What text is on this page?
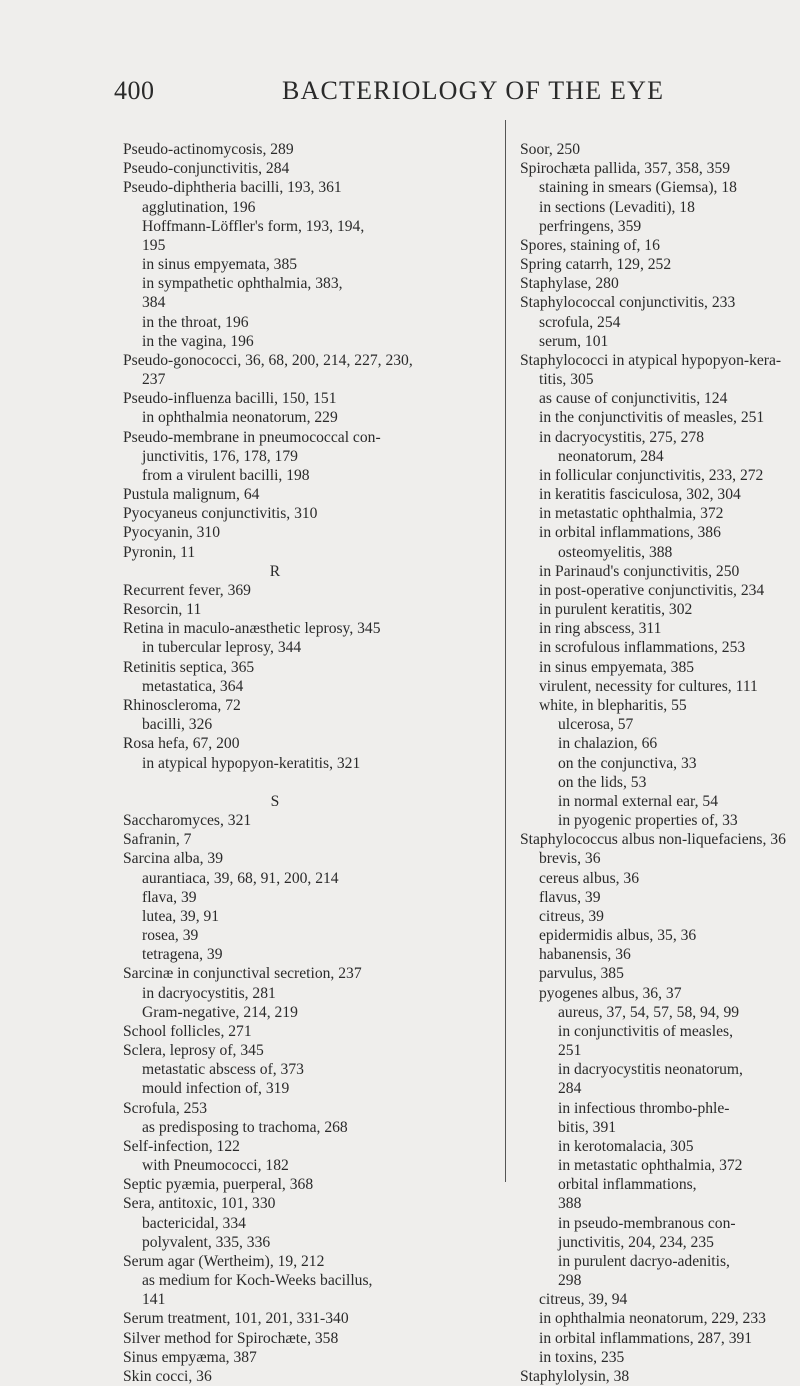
400	BACTERIOLOGY OF THE EYE
Pseudo-actinomycosis, 289
Pseudo-conjunctivitis, 284
Pseudo-diphtheria bacilli, 193, 361
agglutination, 196
Hoffmann-Löffler's form, 193, 194,
195
in sinus empyemata, 385
in sympathetic ophthalmia, 383,
384
in the throat, 196
in the vagina, 196
Pseudo-gonococci, 36, 68, 200, 214, 227, 230,
237
Pseudo-influenza bacilli, 150, 151
in ophthalmia neonatorum, 229
Pseudo-membrane in pneumococcal con-
junctivitis, 176, 178, 179
from a virulent bacilli, 198
Pustula malignum, 64
Pyocyaneus conjunctivitis, 310
Pyocyanin, 310
Pyronin, 11
R
Recurrent fever, 369
Resorcin, 11
Retina in maculo-anæsthetic leprosy, 345
in tubercular leprosy, 344
Retinitis septica, 365
metastatica, 364
Rhinoscleroma, 72
bacilli, 326
Rosa hefa, 67, 200
in atypical hypopyon-keratitis, 321
S
Saccharomyces, 321
Safranin, 7
Sarcina alba, 39
aurantiaca, 39, 68, 91, 200, 214
flava, 39
lutea, 39, 91
rosea, 39
tetragena, 39
Sarcinæ in conjunctival secretion, 237
in dacryocystitis, 281
Gram-negative, 214, 219
School follicles, 271
Sclera, leprosy of, 345
metastatic abscess of, 373
mould infection of, 319
Scrofula, 253
as predisposing to trachoma, 268
Self-infection, 122
with Pneumococci, 182
Septic pyæmia, puerperal, 368
Sera, antitoxic, 101, 330
bactericidal, 334
polyvalent, 335, 336
Serum agar (Wertheim), 19, 212
as medium for Koch-Weeks bacillus,
141
Serum treatment, 101, 201, 331-340
Silver method for Spirochæte, 358
Sinus empyæma, 387
Skin cocci, 36
Soor, 250
Spirochæta pallida, 357, 358, 359
staining in smears (Giemsa), 18
in sections (Levaditi), 18
perfringens, 359
Spores, staining of, 16
Spring catarrh, 129, 252
Staphylase, 280
Staphylococcal conjunctivitis, 233
scrofula, 254
serum, 101
Staphylococci in atypical hypopyon-kera-
titis, 305
as cause of conjunctivitis, 124
in the conjunctivitis of measles, 251
in dacryocystitis, 275, 278
neonatorum, 284
in follicular conjunctivitis, 233, 272
in keratitis fasciculosa, 302, 304
in metastatic ophthalmia, 372
in orbital inflammations, 386
osteomyelitis, 388
in Parinaud's conjunctivitis, 250
in post-operative conjunctivitis, 234
in purulent keratitis, 302
in ring abscess, 311
in scrofulous inflammations, 253
in sinus empyemata, 385
virulent, necessity for cultures, 111
white, in blepharitis, 55
ulcerosa, 57
in chalazion, 66
on the conjunctiva, 33
on the lids, 53
in normal external ear, 54
in pyogenic properties of, 33
Staphylococcus albus non-liquefaciens, 36
brevis, 36
cereus albus, 36
flavus, 39
citreus, 39
epidermidis albus, 35, 36
habanensis, 36
parvulus, 385
pyogenes albus, 36, 37
aureus, 37, 54, 57, 58, 94, 99
in conjunctivitis of measles,
251
in dacryocystitis neonatorum,
284
in infectious thrombo-phle-
bitis, 391
in kerotomalacia, 305
in metastatic ophthalmia, 372
orbital inflammations,
388
in pseudo-membranous con-
junctivitis, 204, 234, 235
in purulent dacryo-adenitis,
298
citreus, 39, 94
in ophthalmia neonatorum, 229, 233
in orbital inflammations, 287, 391
in toxins, 235
Staphylolysin, 38
